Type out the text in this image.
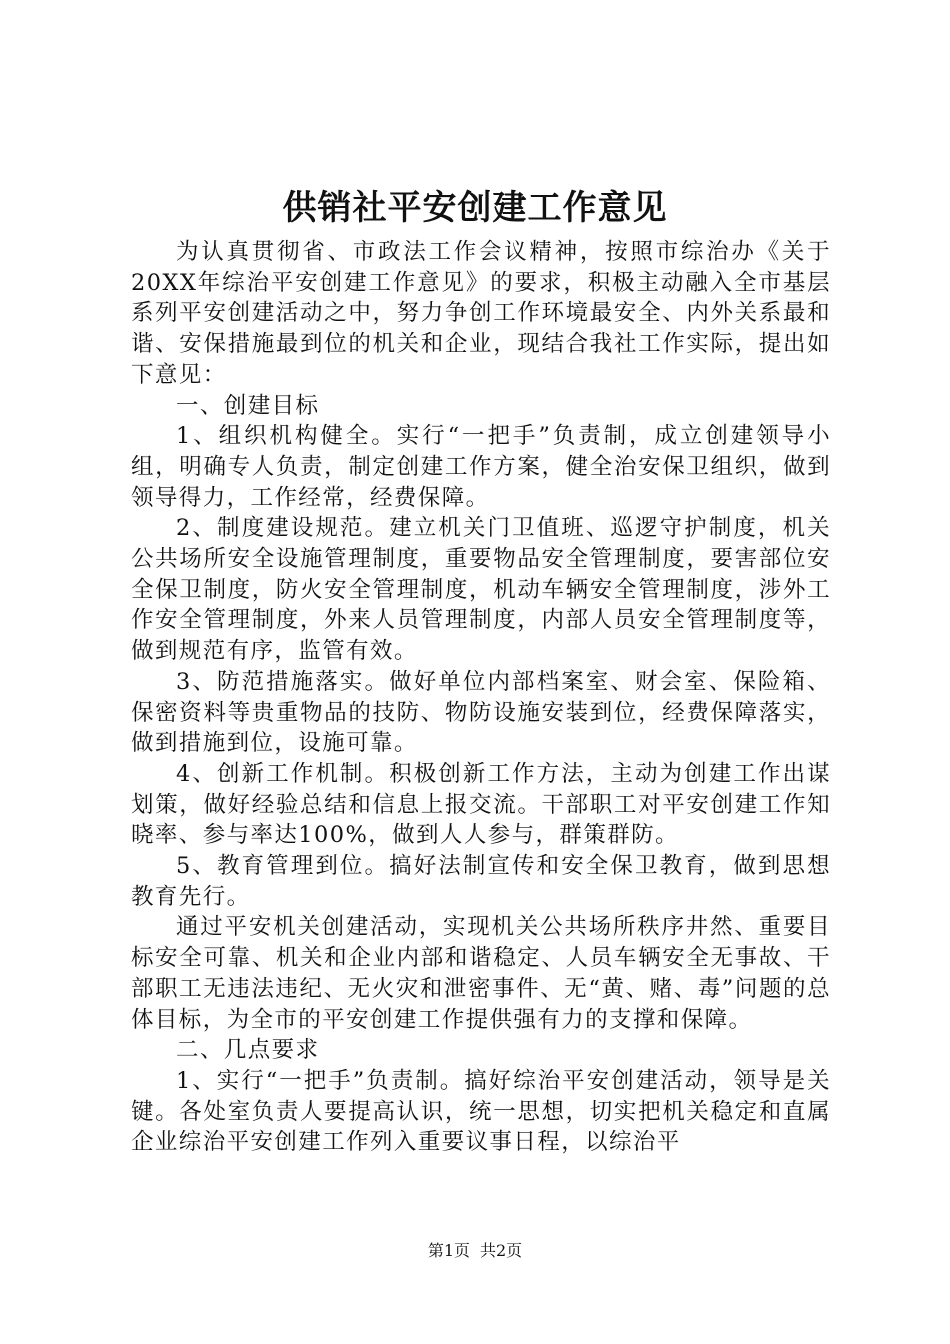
供销社平安创建工作意见

为认真贯彻省、市政法工作会议精神，按照市综治办《关于20XX年综治平安创建工作意见》的要求，积极主动融入全市基层系列平安创建活动之中，努力争创工作环境最安全、内外关系最和谐、安保措施最到位的机关和企业，现结合我社工作实际，提出如下意见：

一、创建目标

1、组织机构健全。实行“一把手”负责制，成立创建领导小组，明确专人负责，制定创建工作方案，健全治安保卫组织，做到领导得力，工作经常，经费保障。

2、制度建设规范。建立机关门卫值班、巡逻守护制度，机关公共场所安全设施管理制度，重要物品安全管理制度，要害部位安全保卫制度，防火安全管理制度，机动车辆安全管理制度，涉外工作安全管理制度，外来人员管理制度，内部人员安全管理制度等，做到规范有序，监管有效。

3、防范措施落实。做好单位内部档案室、财会室、保险箱、保密资料等贵重物品的技防、物防设施安装到位，经费保障落实，做到措施到位，设施可靠。

4、创新工作机制。积极创新工作方法，主动为创建工作出谋划策，做好经验总结和信息上报交流。干部职工对平安创建工作知晓率、参与率达100%，做到人人参与，群策群防。

5、教育管理到位。搞好法制宣传和安全保卫教育，做到思想教育先行。

通过平安机关创建活动，实现机关公共场所秩序井然、重要目标安全可靠、机关和企业内部和谐稳定、人员车辆安全无事故、干部职工无违法违纪、无火灾和泄密事件、无“黄、赌、毒”问题的总体目标，为全市的平安创建工作提供强有力的支撑和保障。

二、几点要求

1、实行“一把手”负责制。搞好综治平安创建活动，领导是关键。各处室负责人要提高认识，统一思想，切实把机关稳定和直属企业综治平安创建工作列入重要议事日程，以综治平

第1页 共2页
